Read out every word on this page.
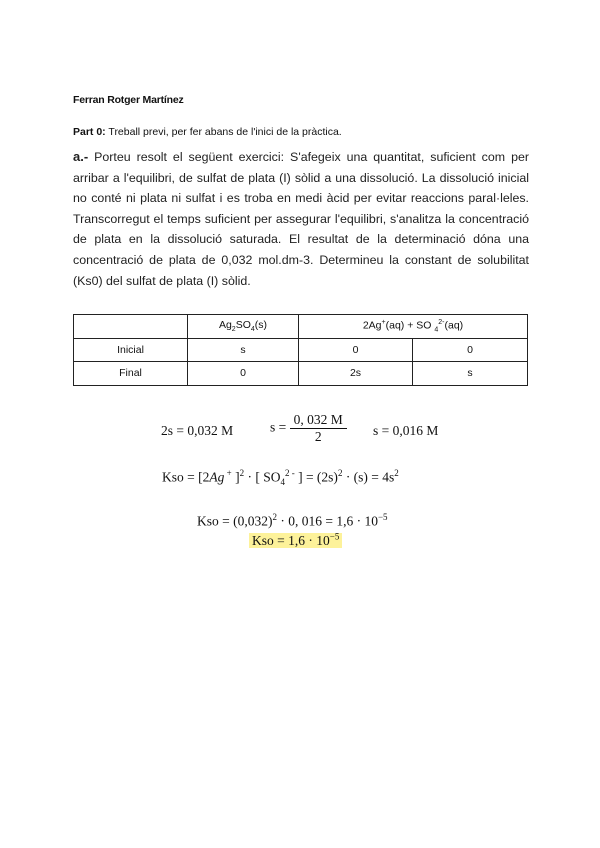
Ferran Rotger Martínez
Part 0: Treball previ, per fer abans de l'inici de la pràctica.
a.- Porteu resolt el següent exercici: S'afegeix una quantitat, suficient com per arribar a l'equilibri, de sulfat de plata (I) sòlid a una dissolució. La dissolució inicial no conté ni plata ni sulfat i es troba en medi àcid per evitar reaccions paral·leles. Transcorregut el temps suficient per assegurar l'equilibri, s'analitza la concentració de plata en la dissolució saturada. El resultat de la determinació dóna una concentració de plata de 0,032 mol.dm-3. Determineu la constant de solubilitat (Ks0) del sulfat de plata (I) sòlid.
	$Ag_2SO_4(s)$	2Ag+(aq) + SO $_4^{2-}$(aq)	
Inicial	s	0	0
Final	0	2s	s
2s = 0,032 M	$s = \frac{0, 032 M}{2}$ s = 0,016 M
Kso = [2Ag + ]$^2$ · [ $SO_4^{2 -}$ ] = $(2s)^2 \cdot (s) = 4s^2$
Kso = $(0,032)^2 \cdot 0$, $016 = 1,6 \cdot 10^{-5}$
Kso = $1,6 \cdot 10^{-5}$
